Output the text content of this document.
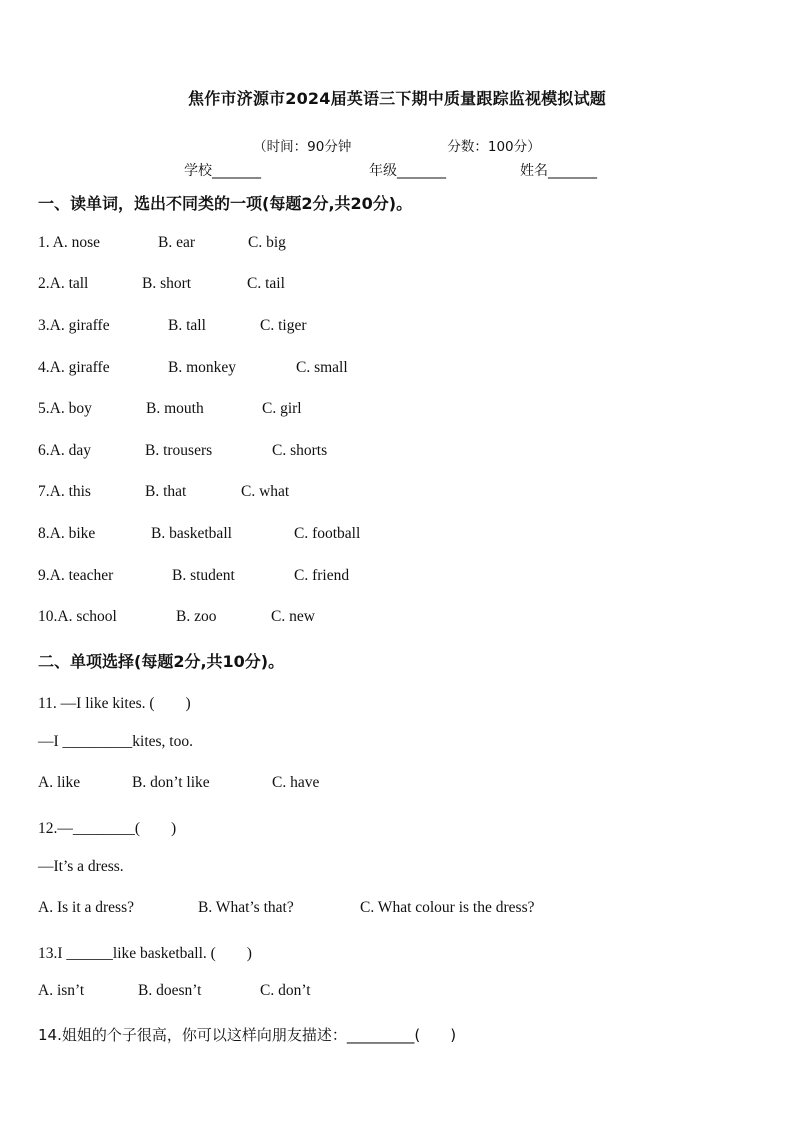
焦作市济源市2024届英语三下期中质量跟踪监视模拟试题

（时间：90分钟	分数：100分）

学校_______	年级_______	姓名_______
一、读单词，选出不同类的一项(每题2分,共20分)。
1. A. nose	B. ear	C. big
2.A. tall	B. short	C. tail
3.A. giraffe	B. tall	C. tiger
4.A. giraffe	B. monkey	C. small
5.A. boy	B. mouth	C. girl
6.A. day	B. trousers	C. shorts
7.A. this	B. that	C. what
8.A. bike	B. basketball	C. football
9.A. teacher	B. student	C. friend
10.A. school	B. zoo	C. new
二、单项选择(每题2分,共10分)。
11. —I like kites. (　　)
—I _________kites, too.
A. like	B. don’t like	C. have
12.—________(　　)
—It’s a dress.
A. Is it a dress?	B. What’s that?	C. What colour is the dress?
13.I ______like basketball. (　　)
A. isn’t	B. doesn’t	C. don’t
14.姐姐的个子很高，你可以这样向朋友描述：_________(　　)
